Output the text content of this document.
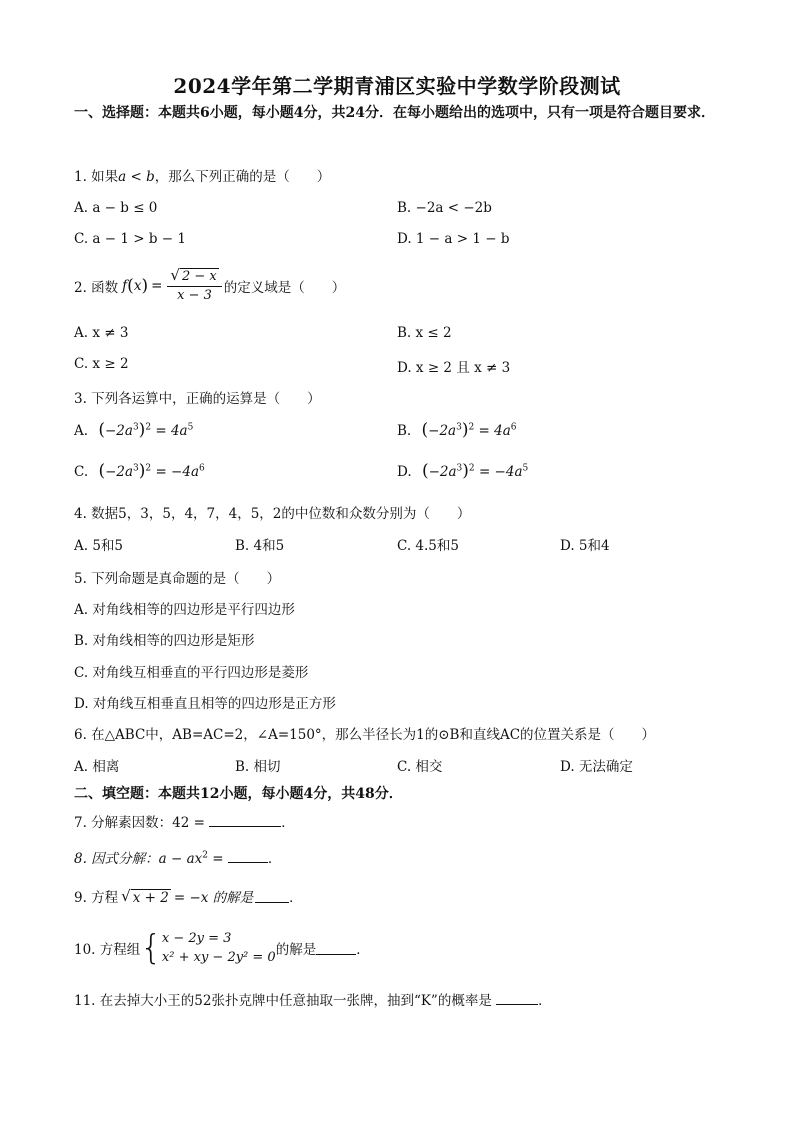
2024学年第二学期青浦区实验中学数学阶段测试
一、选择题：本题共6小题，每小题4分，共24分．在每小题给出的选项中，只有一项是符合题目要求．
1. 如果a < b，那么下列正确的是（　　）
A. a − b ≤ 0	B. −2a < −2b
C. a − 1 > b − 1	D. 1 − a > 1 − b
2. 函数 f ( x ) = $\frac{√ 2 - x}{x - 3}$ 的定义域是（　　）
A. x ≠ 3	B. x ≤ 2
C. x ≥ 2	D. x ≥ 2 且 x ≠ 3
3. 下列各运算中，正确的运算是（　　）
A. $(-2a^3)^2 = 4a^5$	B. $(-2a^3)^2 = 4a^6$
C. $(-2a^3)^2 = -4a^6$	D. $(-2a^3)^2 = -4a^5$
4. 数据5，3，5，4，7，4，5，2的中位数和众数分别为（　　）
A. 5和5	B. 4和5	C. 4.5和5	D. 5和4
5. 下列命题是真命题的是（　　）
A. 对角线相等的四边形是平行四边形
B. 对角线相等的四边形是矩形
C. 对角线互相垂直的平行四边形是菱形
D. 对角线互相垂直且相等的四边形是正方形
6. 在△ABC中，AB=AC=2，∠A=150°，那么半径长为1的⊙B和直线AC的位置关系是（　　）
A. 相离	B. 相切	C. 相交	D. 无法确定
二、填空题：本题共12小题，每小题4分，共48分．
7. 分解素因数：42 =	．
8. 因式分解：$a - ax^2$ =	．
9. 方程 √ x + 2 = −x 的解是	．
10. 方程组 { x − 2y = 3
x² + xy − 2y² = 0 的解是	．
11. 在去掉大小王的52张扑克牌中任意抽取一张牌，抽到“K”的概率是	．
